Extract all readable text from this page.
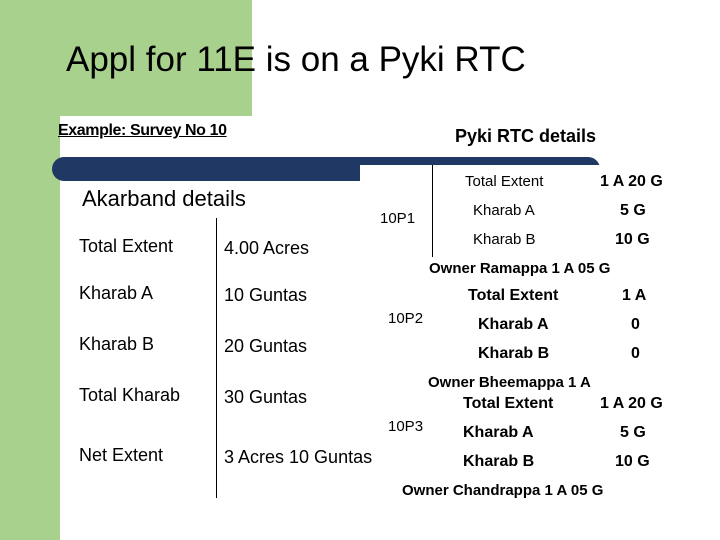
Appl for 11E is on a Pyki RTC
Example: Survey No 10	Pyki RTC details
Akarband details
Total Extent	4.00 Acres
Kharab A	10 Guntas
Kharab B	20 Guntas
Total Kharab 30 Guntas
Net Extent	3 Acres 10 Guntas
10P1
Total Extent	1 A 20 G
Kharab A	5 G
Kharab B	10 G
Owner Ramappa 1 A 05 G
10P2
Total Extent	1 A
Kharab A	0
Kharab B	0
Owner Bheemappa 1 A
10P3
Total Extent	1 A 20 G
Kharab A	5 G
Kharab B	10 G
Owner Chandrappa 1 A 05 G
